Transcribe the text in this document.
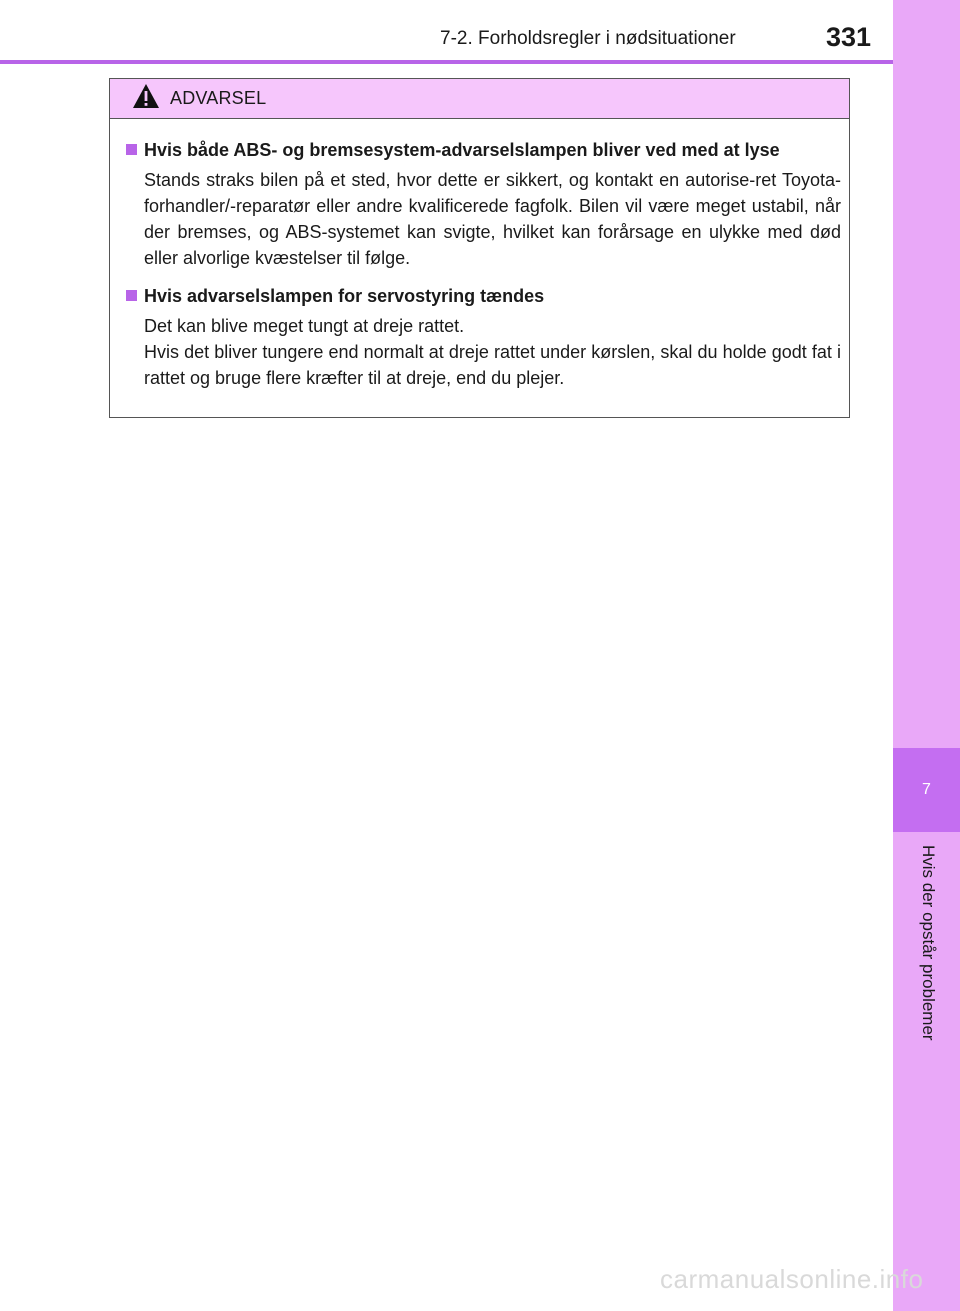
7-2. Forholdsregler i nødsituationer	331
7
Hvis der opstår problemer
ADVARSEL
Hvis både ABS- og bremsesystem-advarselslampen bliver ved med at lyse

Stands straks bilen på et sted, hvor dette er sikkert, og kontakt en autorise-ret Toyota-forhandler/-reparatør eller andre kvalificerede fagfolk. Bilen vil være meget ustabil, når der bremses, og ABS-systemet kan svigte, hvilket kan forårsage en ulykke med død eller alvorlige kvæstelser til følge.

Hvis advarselslampen for servostyring tændes

Det kan blive meget tungt at dreje rattet.

Hvis det bliver tungere end normalt at dreje rattet under kørslen, skal du holde godt fat i rattet og bruge flere kræfter til at dreje, end du plejer.

carmanualsonline.info
